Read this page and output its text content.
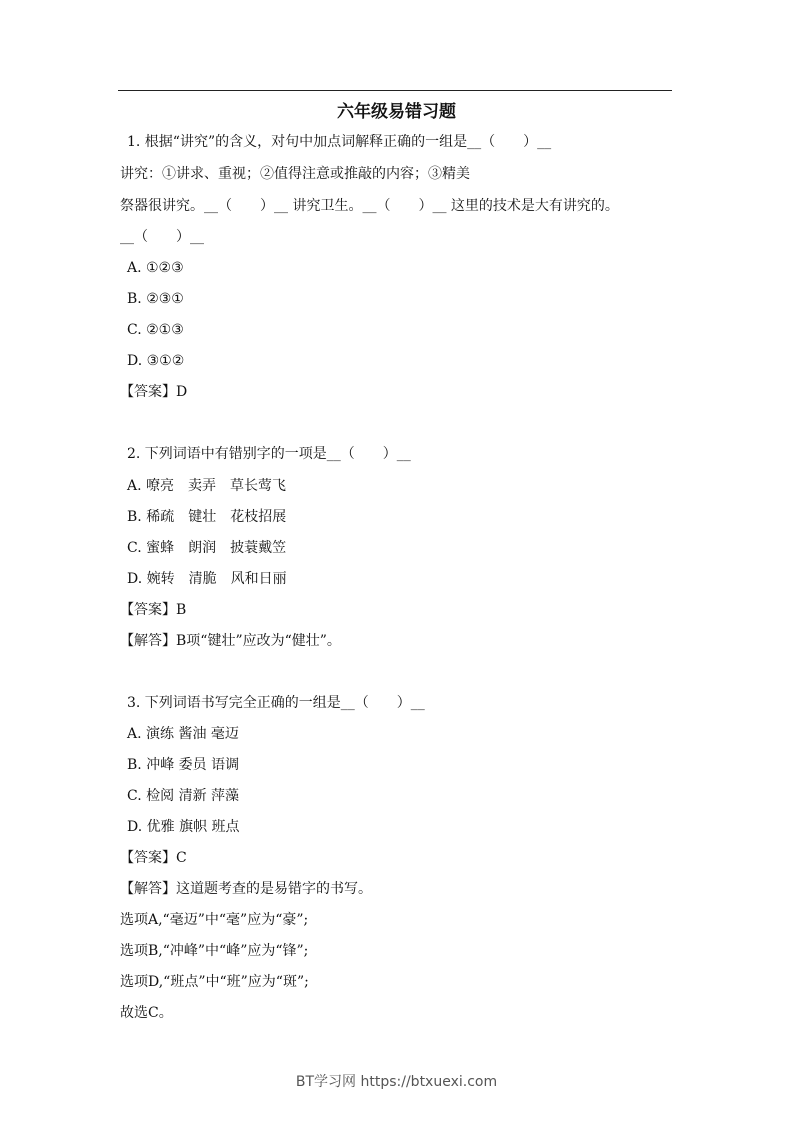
六年级易错习题
1. 根据“讲究”的含义，对句中加点词解释正确的一组是__（　　）__
讲究：①讲求、重视；②值得注意或推敲的内容；③精美
祭器很讲究。__（　　）__ 讲究卫生。__（　　）__ 这里的技术是大有讲究的。
__（　　）__
A. ①②③
B. ②③①
C. ②①③
D. ③①②
【答案】D
2. 下列词语中有错别字的一项是__（　　）__
A. 嘹亮　卖弄　草长莺飞
B. 稀疏　键壮　花枝招展
C. 蜜蜂　朗润　披蓑戴笠
D. 婉转　清脆　风和日丽
【答案】B
【解答】B项“键壮”应改为“健壮”。
3. 下列词语书写完全正确的一组是__（　　）__
A. 演练 酱油 毫迈
B. 冲峰 委员 语调
C. 检阅 清新 萍藻
D. 优雅 旗帜 班点
【答案】C
【解答】这道题考查的是易错字的书写。
选项A,“毫迈”中“毫”应为“豪”;
选项B,“冲峰”中“峰”应为“锋”;
选项D,“班点”中“班”应为“斑”;
故选C。
BT学习网 https://btxuexi.com
